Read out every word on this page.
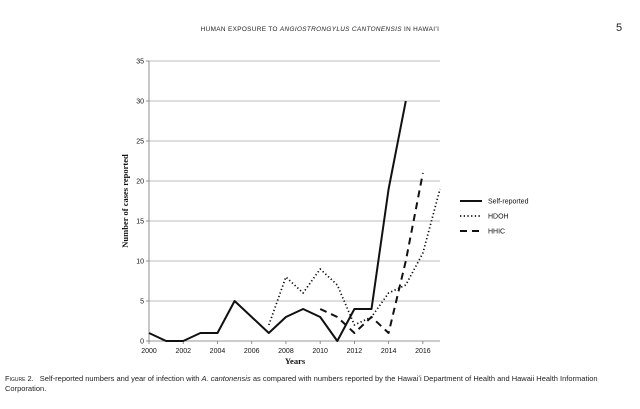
HUMAN EXPOSURE TO ANGIOSTRONGYLUS CANTONENSIS IN HAWAIʻI	5
0
5
10
15
20
25
30
35
2000	2002	2004	2006	2008	2010	2012	2014	2016
Self-reported
HDOH
HHIC
Number of cases reported
Years
Figure 2. Self-reported numbers and year of infection with A. cantonensis as compared with numbers reported by the Hawaiʻi Department of Health and Hawaii Health Information Corporation.
